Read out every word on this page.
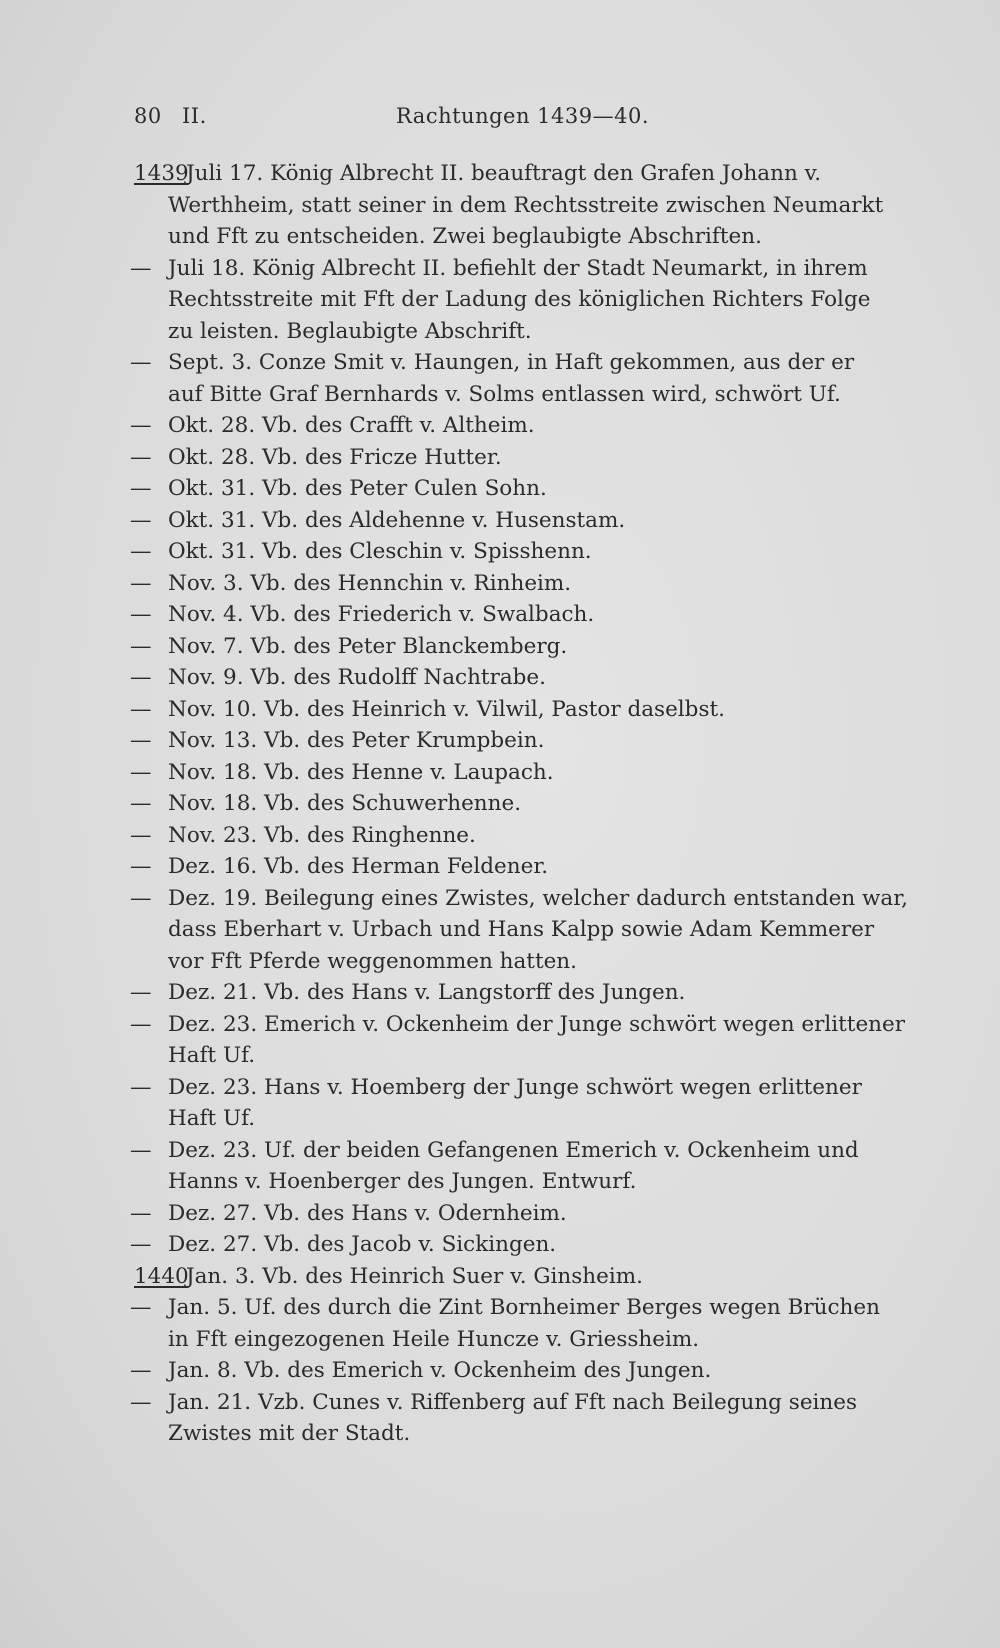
80 II.	Rachtungen 1439—40.
1439
Juli 17. König Albrecht II. beauftragt den Grafen Johann v.
Werthheim, statt seiner in dem Rechtsstreite zwischen Neumarkt
und Fft zu entscheiden. Zwei beglaubigte Abschriften.
— Juli 18. König Albrecht II. befiehlt der Stadt Neumarkt, in ihrem
Rechtsstreite mit Fft der Ladung des königlichen Richters Folge
zu leisten. Beglaubigte Abschrift.
— Sept. 3. Conze Smit v. Haungen, in Haft gekommen, aus der er
auf Bitte Graf Bernhards v. Solms entlassen wird, schwört Uf.
— Okt. 28. Vb. des Crafft v. Altheim.
— Okt. 28. Vb. des Fricze Hutter.
— Okt. 31. Vb. des Peter Culen Sohn.
— Okt. 31. Vb. des Aldehenne v. Husenstam.
— Okt. 31. Vb. des Cleschin v. Spisshenn.
— Nov. 3. Vb. des Hennchin v. Rinheim.
— Nov. 4. Vb. des Friederich v. Swalbach.
— Nov. 7. Vb. des Peter Blanckemberg.
— Nov. 9. Vb. des Rudolff Nachtrabe.
— Nov. 10. Vb. des Heinrich v. Vilwil, Pastor daselbst.
— Nov. 13. Vb. des Peter Krumpbein.
— Nov. 18. Vb. des Henne v. Laupach.
— Nov. 18. Vb. des Schuwerhenne.
— Nov. 23. Vb. des Ringhenne.
— Dez. 16. Vb. des Herman Feldener.
— Dez. 19. Beilegung eines Zwistes, welcher dadurch entstanden war,
dass Eberhart v. Urbach und Hans Kalpp sowie Adam Kemmerer
vor Fft Pferde weggenommen hatten.
— Dez. 21. Vb. des Hans v. Langstorff des Jungen.
— Dez. 23. Emerich v. Ockenheim der Junge schwört wegen erlittener
Haft Uf.
— Dez. 23. Hans v. Hoemberg der Junge schwört wegen erlittener
Haft Uf.
— Dez. 23. Uf. der beiden Gefangenen Emerich v. Ockenheim und
Hanns v. Hoenberger des Jungen. Entwurf.
— Dez. 27. Vb. des Hans v. Odernheim.
— Dez. 27. Vb. des Jacob v. Sickingen.
1440
Jan. 3. Vb. des Heinrich Suer v. Ginsheim.
— Jan. 5. Uf. des durch die Zint Bornheimer Berges wegen Brüchen
in Fft eingezogenen Heile Huncze v. Griessheim.
— Jan. 8. Vb. des Emerich v. Ockenheim des Jungen.
— Jan. 21. Vzb. Cunes v. Riffenberg auf Fft nach Beilegung seines
Zwistes mit der Stadt.
